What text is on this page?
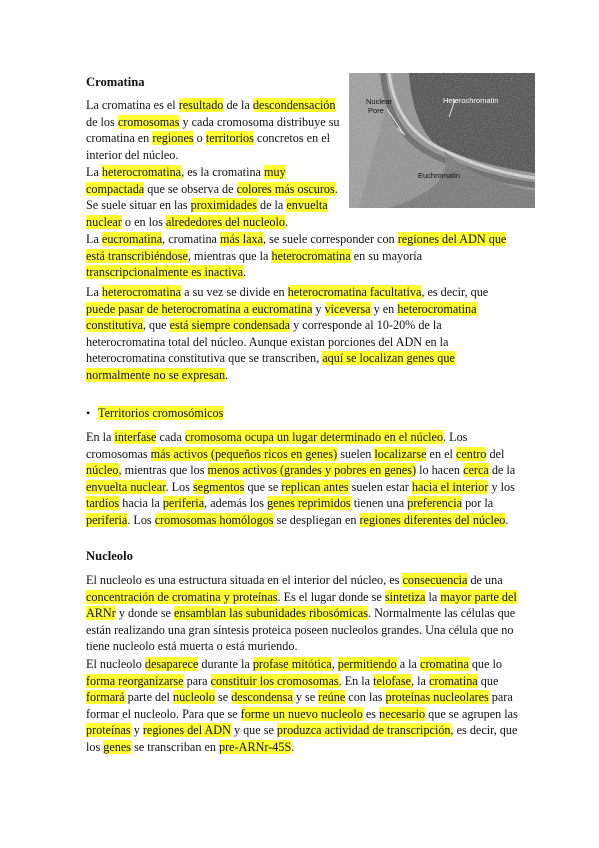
Cromatina

La cromatina es el resultado de la descondensación de los cromosomas y cada cromosoma distribuye su cromatina en regiones o territorios concretos en el interior del núcleo.

La heterocromatina, es la cromatina muy compactada que se observa de colores más oscuros. Se suele situar en las proximidades de la envuelta nuclear o en los alrededores del nucleolo.

Nuclear
Pore
Heterochromatin
Euchromatin

La eucromatina, cromatina más laxa, se suele corresponder con regiones del ADN que está transcribiéndose, mientras que la heterocromatina en su mayoría transcripcionalmente es inactiva.

La heterocromatina a su vez se divide en heterocromatina facultativa, es decir, que puede pasar de heterocromatina a eucromatina y viceversa y en heterocromatina constitutiva, que está siempre condensada y corresponde al 10-20% de la heterocromatina total del núcleo. Aunque existan porciones del ADN en la heterocromatina constitutiva que se transcriben, aquí se localizan genes que normalmente no se expresan.

• Territorios cromosómicos

En la interfase cada cromosoma ocupa un lugar determinado en el núcleo. Los cromosomas más activos (pequeños ricos en genes) suelen localizarse en el centro del núcleo, mientras que los menos activos (grandes y pobres en genes) lo hacen cerca de la envuelta nuclear. Los segmentos que se replican antes suelen estar hacia el interior y los tardíos hacia la periferia, además los genes reprimidos tienen una preferencia por la periferia. Los cromosomas homólogos se despliegan en regiones diferentes del núcleo.

Nucleolo

El nucleolo es una estructura situada en el interior del núcleo, es consecuencia de una concentración de cromatina y proteínas. Es el lugar donde se sintetiza la mayor parte del ARNr y donde se ensamblan las subunidades ribosómicas. Normalmente las células que están realizando una gran síntesis proteica poseen nucleolos grandes. Una célula que no tiene nucleolo está muerta o está muriendo.

El nucleolo desaparece durante la profase mitótica, permitiendo a la cromatina que lo forma reorganizarse para constituir los cromosomas. En la telofase, la cromatina que formará parte del nucleolo se descondensa y se reúne con las proteínas nucleolares para formar el nucleolo. Para que se forme un nuevo nucleolo es necesario que se agrupen las proteínas y regiones del ADN y que se produzca actividad de transcripción, es decir, que los genes se transcriban en pre-ARNr-45S.
